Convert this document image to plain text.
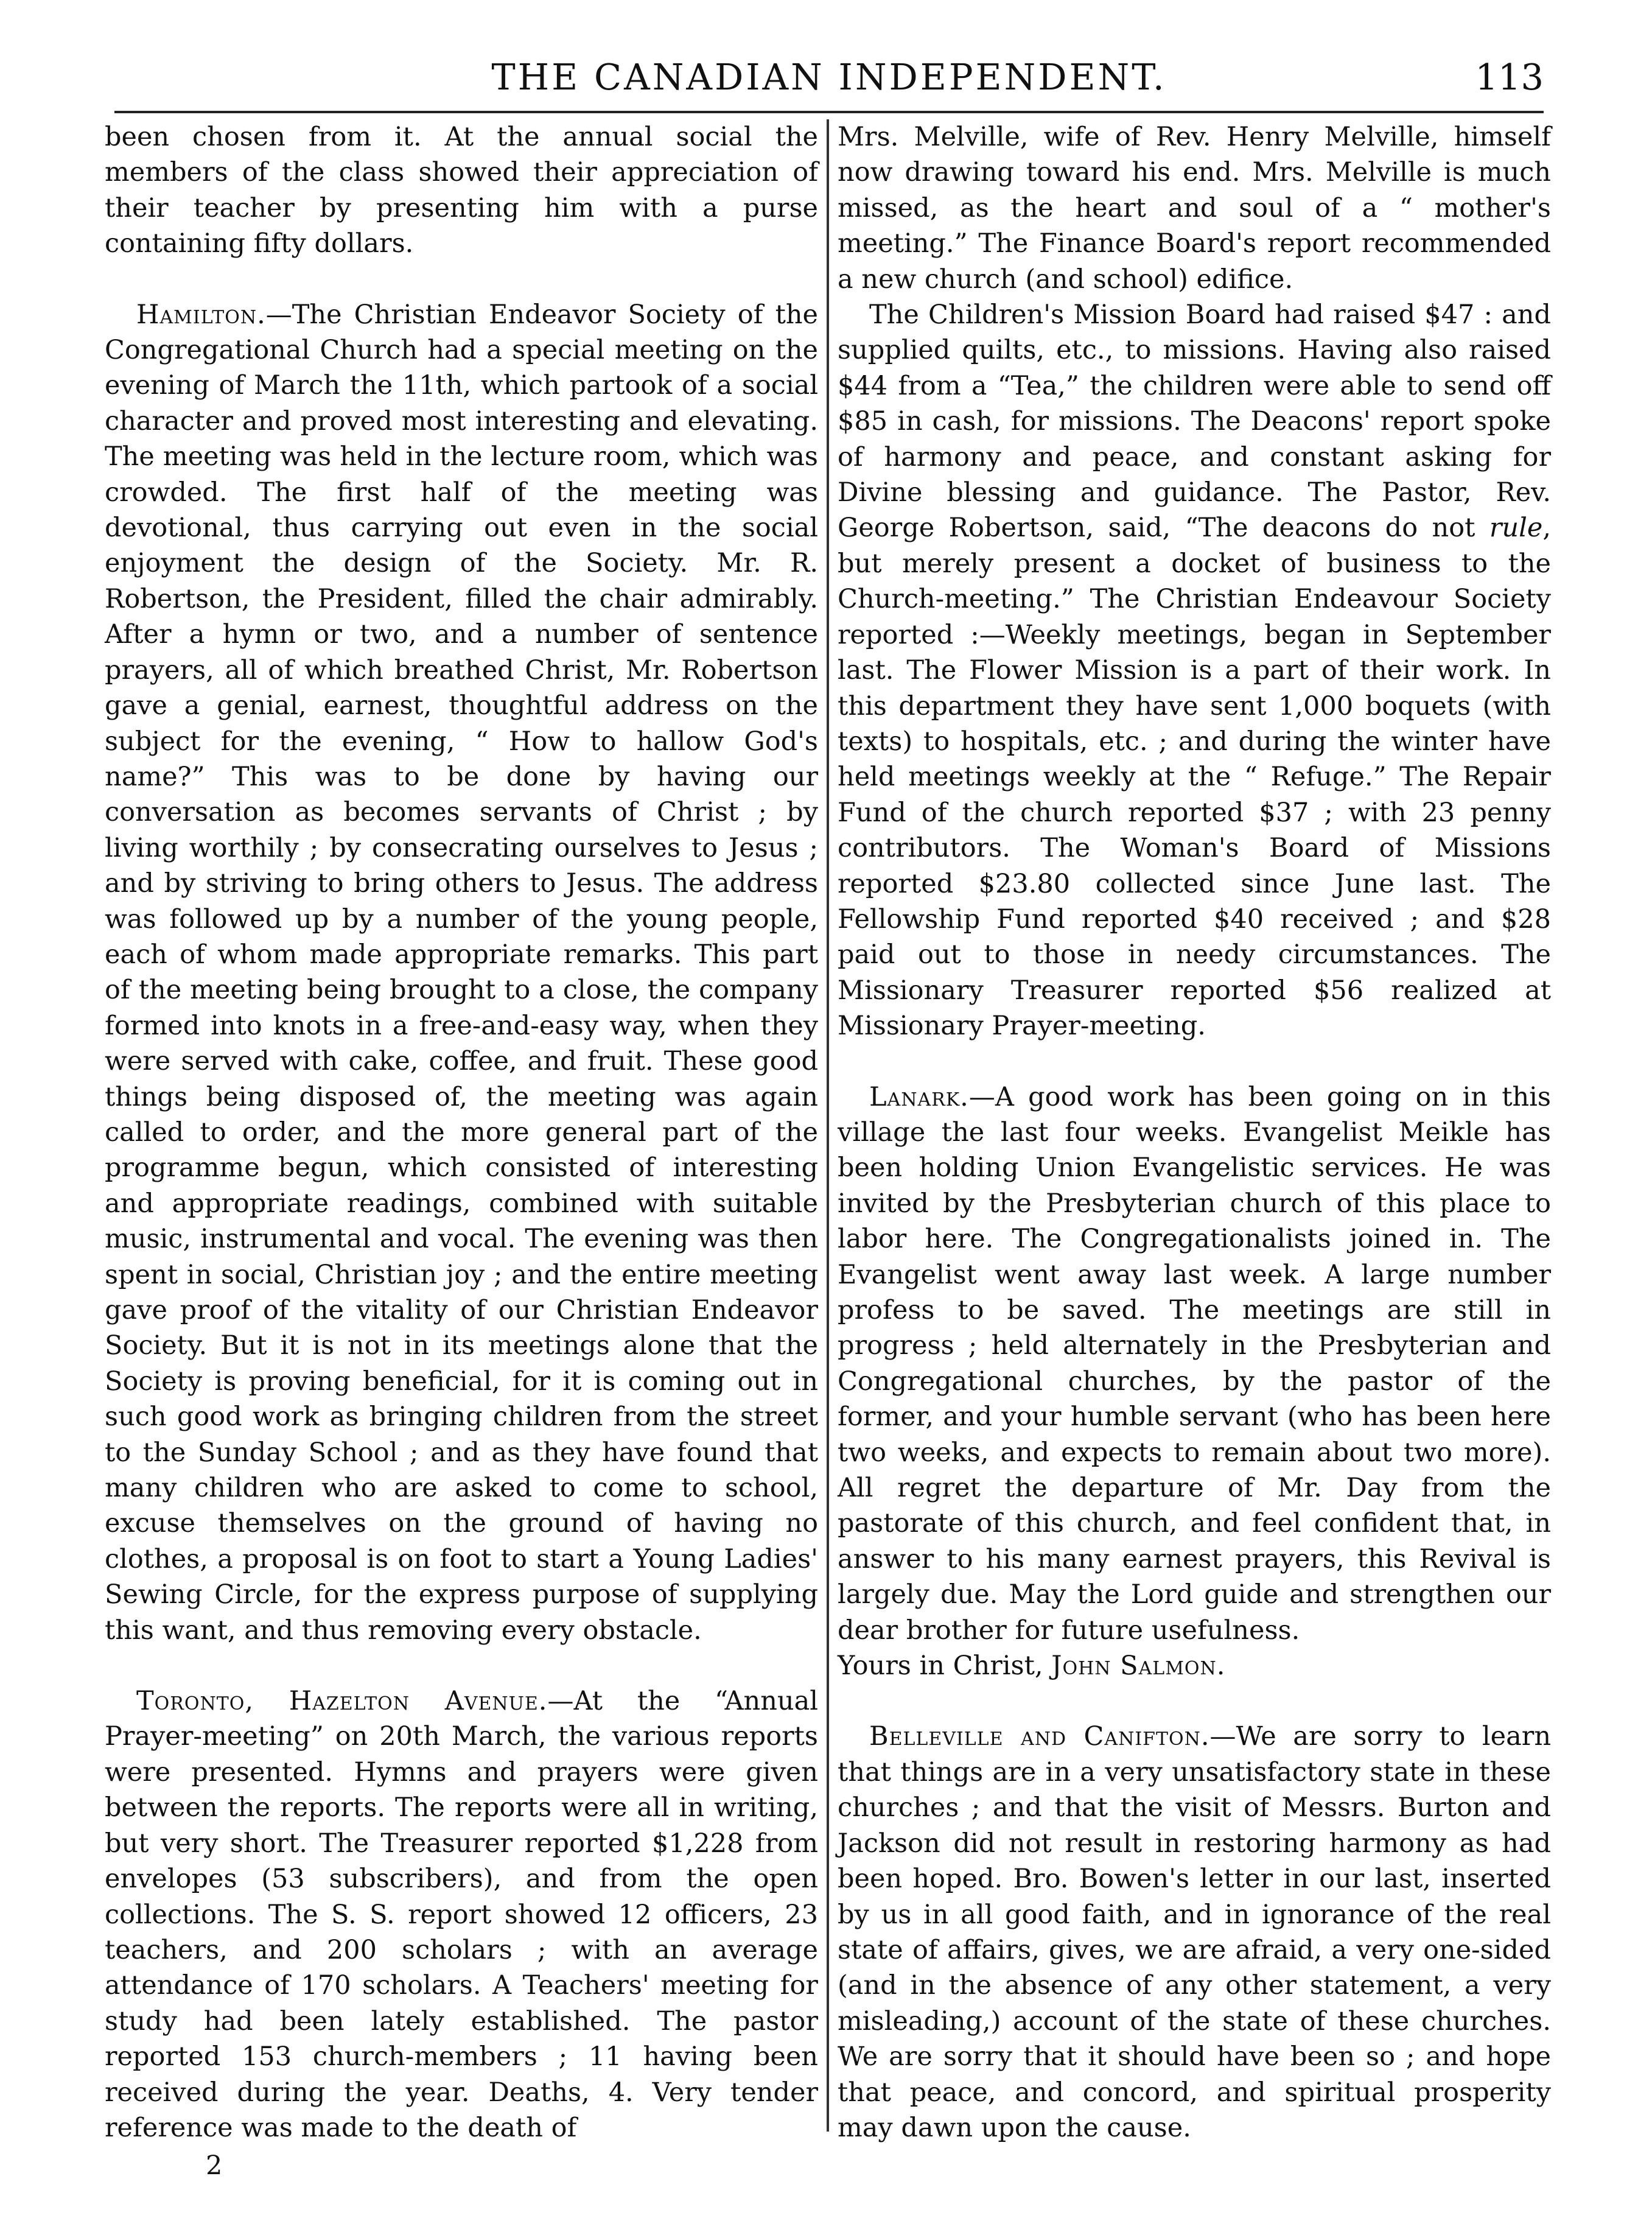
THE CANADIAN INDEPENDENT.	113

been chosen from it. At the annual social the members of the class showed their appreciation of their teacher by presenting him with a purse containing fifty dollars.

Hamilton.—The Christian Endeavor Society of the Congregational Church had a special meeting on the evening of March the 11th, which partook of a social character and proved most interesting and elevating. The meeting was held in the lecture room, which was crowded. The first half of the meeting was devotional, thus carrying out even in the social enjoyment the design of the Society. Mr. R. Robertson, the President, filled the chair admirably. After a hymn or two, and a number of sentence prayers, all of which breathed Christ, Mr. Robertson gave a genial, earnest, thoughtful address on the subject for the evening, “ How to hallow God's name?” This was to be done by having our conversation as becomes servants of Christ ; by living worthily ; by consecrating ourselves to Jesus ; and by striving to bring others to Jesus. The address was followed up by a number of the young people, each of whom made appropriate remarks. This part of the meeting being brought to a close, the company formed into knots in a free-and-easy way, when they were served with cake, coffee, and fruit. These good things being disposed of, the meeting was again called to order, and the more general part of the programme begun, which consisted of interesting and appropriate readings, combined with suitable music, instrumental and vocal. The evening was then spent in social, Christian joy ; and the entire meeting gave proof of the vitality of our Christian Endeavor Society. But it is not in its meetings alone that the Society is proving beneficial, for it is coming out in such good work as bringing children from the street to the Sunday School ; and as they have found that many children who are asked to come to school, excuse themselves on the ground of having no clothes, a proposal is on foot to start a Young Ladies' Sewing Circle, for the express purpose of supplying this want, and thus removing every obstacle.

Toronto, Hazelton Avenue.—At the “Annual Prayer-meeting” on 20th March, the various reports were presented. Hymns and prayers were given between the reports. The reports were all in writing, but very short. The Treasurer reported $1,228 from envelopes (53 subscribers), and from the open collections. The S. S. report showed 12 officers, 23 teachers, and 200 scholars ; with an average attendance of 170 scholars. A Teachers' meeting for study had been lately established. The pastor reported 153 church-members ; 11 having been received during the year. Deaths, 4. Very tender reference was made to the death of

Mrs. Melville, wife of Rev. Henry Melville, himself now drawing toward his end. Mrs. Melville is much missed, as the heart and soul of a “ mother's meeting.” The Finance Board's report recommended a new church (and school) edifice.

The Children's Mission Board had raised $47 : and supplied quilts, etc., to missions. Having also raised $44 from a “Tea,” the children were able to send off $85 in cash, for missions. The Deacons' report spoke of harmony and peace, and constant asking for Divine blessing and guidance. The Pastor, Rev. George Robertson, said, “The deacons do not rule, but merely present a docket of business to the Church-meeting.” The Christian Endeavour Society reported :—Weekly meetings, began in September last. The Flower Mission is a part of their work. In this department they have sent 1,000 boquets (with texts) to hospitals, etc. ; and during the winter have held meetings weekly at the “ Refuge.” The Repair Fund of the church reported $37 ; with 23 penny contributors. The Woman's Board of Missions reported $23.80 collected since June last. The Fellowship Fund reported $40 received ; and $28 paid out to those in needy circumstances. The Missionary Treasurer reported $56 realized at Missionary Prayer-meeting.

Lanark.—A good work has been going on in this village the last four weeks. Evangelist Meikle has been holding Union Evangelistic services. He was invited by the Presbyterian church of this place to labor here. The Congregationalists joined in. The Evangelist went away last week. A large number profess to be saved. The meetings are still in progress ; held alternately in the Presbyterian and Congregational churches, by the pastor of the former, and your humble servant (who has been here two weeks, and expects to remain about two more). All regret the departure of Mr. Day from the pastorate of this church, and feel confident that, in answer to his many earnest prayers, this Revival is largely due. May the Lord guide and strengthen our dear brother for future usefulness.

Yours in Christ, John Salmon.

Belleville and Canifton.—We are sorry to learn that things are in a very unsatisfactory state in these churches ; and that the visit of Messrs. Burton and Jackson did not result in restoring harmony as had been hoped. Bro. Bowen's letter in our last, inserted by us in all good faith, and in ignorance of the real state of affairs, gives, we are afraid, a very one-sided (and in the absence of any other statement, a very misleading,) account of the state of these churches. We are sorry that it should have been so ; and hope that peace, and concord, and spiritual prosperity may dawn upon the cause.

2
